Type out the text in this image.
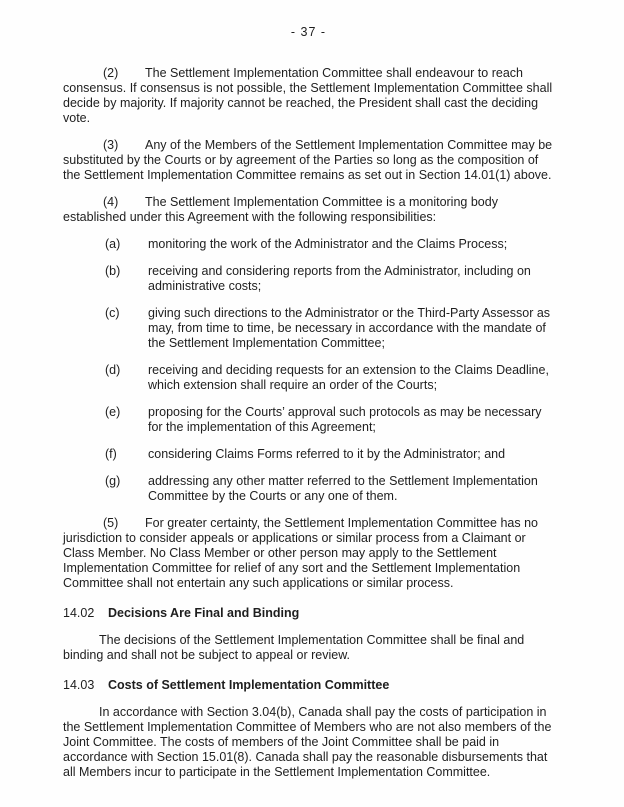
- 37 -

(2) The Settlement Implementation Committee shall endeavour to reach consensus. If consensus is not possible, the Settlement Implementation Committee shall decide by majority. If majority cannot be reached, the President shall cast the deciding vote.

(3) Any of the Members of the Settlement Implementation Committee may be substituted by the Courts or by agreement of the Parties so long as the composition of the Settlement Implementation Committee remains as set out in Section 14.01(1) above.

(4) The Settlement Implementation Committee is a monitoring body established under this Agreement with the following responsibilities:

(a)	monitoring the work of the Administrator and the Claims Process;
(b)	receiving and considering reports from the Administrator, including on administrative costs;
(c)	giving such directions to the Administrator or the Third-Party Assessor as may, from time to time, be necessary in accordance with the mandate of the Settlement Implementation Committee;
(d)	receiving and deciding requests for an extension to the Claims Deadline, which extension shall require an order of the Courts;
(e)	proposing for the Courts’ approval such protocols as may be necessary for the implementation of this Agreement;
(f)	considering Claims Forms referred to it by the Administrator; and
(g)	addressing any other matter referred to the Settlement Implementation Committee by the Courts or any one of them.

(5) For greater certainty, the Settlement Implementation Committee has no jurisdiction to consider appeals or applications or similar process from a Claimant or Class Member. No Class Member or other person may apply to the Settlement Implementation Committee for relief of any sort and the Settlement Implementation Committee shall not entertain any such applications or similar process.

14.02	Decisions Are Final and Binding

The decisions of the Settlement Implementation Committee shall be final and binding and shall not be subject to appeal or review.

14.03	Costs of Settlement Implementation Committee

In accordance with Section 3.04(b), Canada shall pay the costs of participation in the Settlement Implementation Committee of Members who are not also members of the Joint Committee. The costs of members of the Joint Committee shall be paid in accordance with Section 15.01(8). Canada shall pay the reasonable disbursements that all Members incur to participate in the Settlement Implementation Committee.
